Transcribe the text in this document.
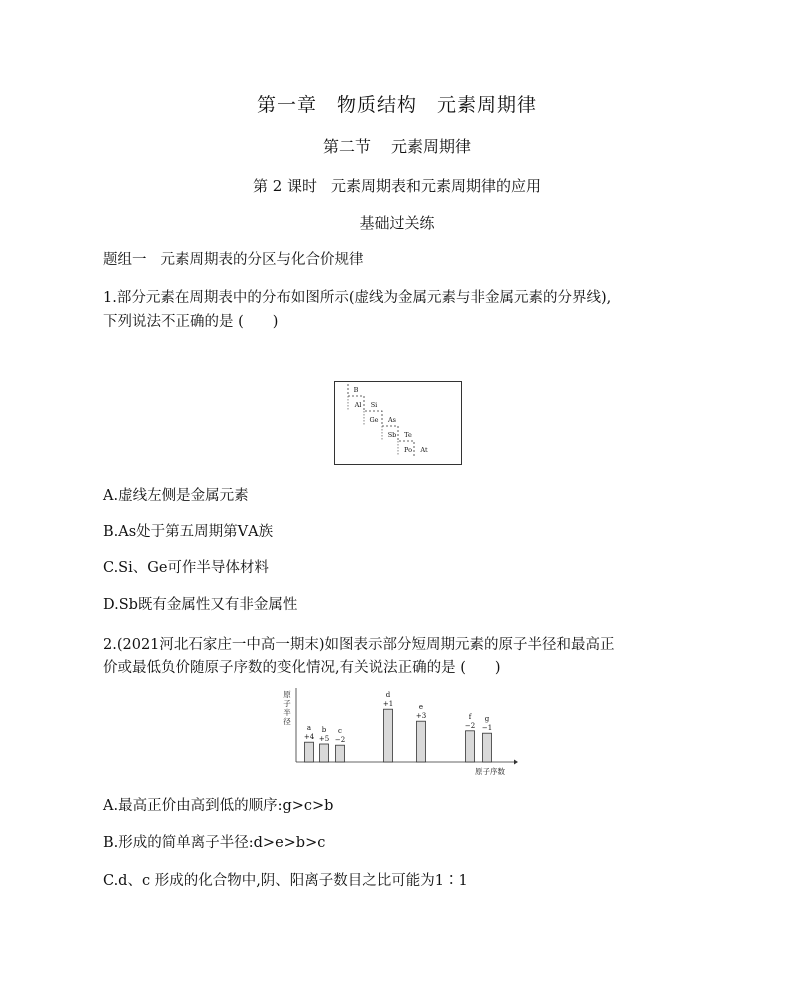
第一章 物质结构 元素周期律
第二节 元素周期律
第 2 课时 元素周期表和元素周期律的应用
基础过关练
题组一 元素周期表的分区与化合价规律
1.部分元素在周期表中的分布如图所示(虚线为金属元素与非金属元素的分界线),
下列说法不正确的是 (　　)
B
Al Si
Ge As
Sb Te
Po At
A.虚线左侧是金属元素
B.As处于第五周期第ⅤA族
C.Si、Ge可作半导体材料
D.Sb既有金属性又有非金属性
2.(2021河北石家庄一中高一期末)如图表示部分短周期元素的原子半径和最高正
价或最低负价随原子序数的变化情况,有关说法正确的是 (　　)
原
子
半
径
原子序数
+4
a
+5
b
−2
c
+1
d
+3
e
−2
f
−1
g
A.最高正价由高到低的顺序:g>c>b
B.形成的简单离子半径:d>e>b>c
C.d、c 形成的化合物中,阴、阳离子数目之比可能为1∶1
